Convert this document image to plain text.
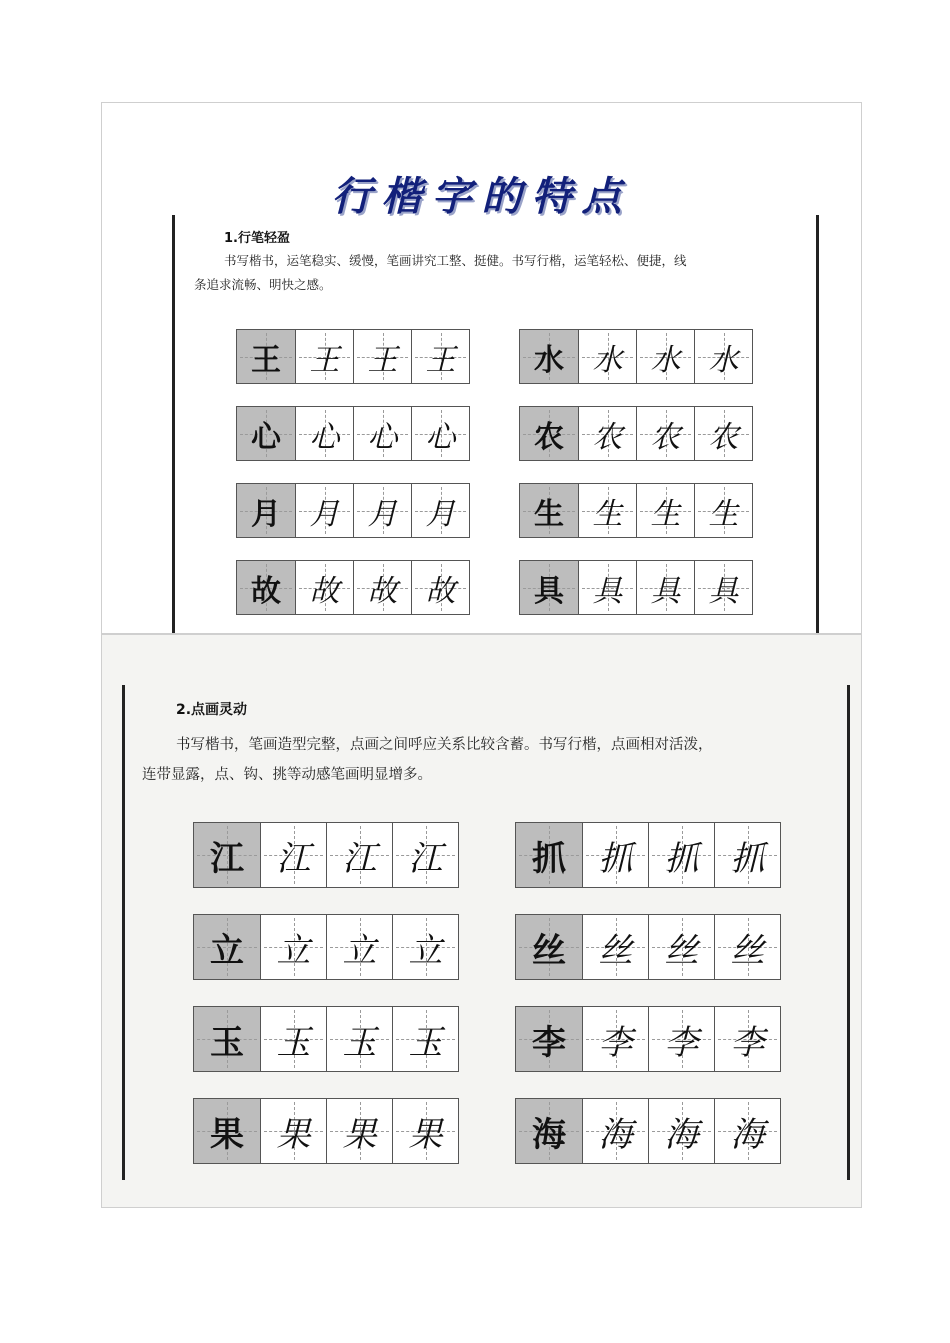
行楷字的特点
1.行笔轻盈
书写楷书，运笔稳实、缓慢，笔画讲究工整、挺健。书写行楷，运笔轻松、便捷，线
条追求流畅、明快之感。
王 王 王 王	水 水 水 水
心 心 心 心	农 农 农 农
月 月 月 月	生 生 生 生
故 故 故 故	具 具 具 具
2.点画灵动
书写楷书，笔画造型完整，点画之间呼应关系比较含蓄。书写行楷，点画相对活泼，
连带显露，点、钩、挑等动感笔画明显增多。
江 江 江 江	抓 抓 抓 抓
立 立 立 立	丝 丝 丝 丝
玉 玉 玉 玉	李 李 李 李
果 果 果 果	海 海 海 海
